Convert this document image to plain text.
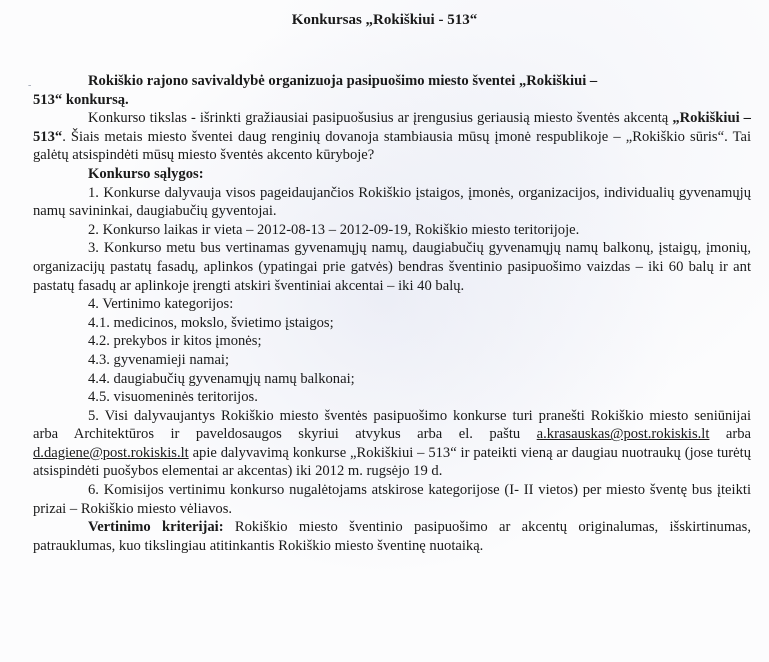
Konkursas „Rokiškiui - 513“
-	Rokiškio rajono savivaldybė organizuoja pasipuošimo miesto šventei „Rokiškiui –
513“ konkursą.

Konkurso tikslas - išrinkti gražiausiai pasipuošusius ar įrengusius geriausią miesto šventės akcentą „Rokiškiui – 513“. Šiais metais miesto šventei daug renginių dovanoja stambiausia mūsų įmonė respublikoje – „Rokiškio sūris“. Tai galėtų atsispindėti mūsų miesto šventės akcento kūryboje?

Konkurso sąlygos:

1. Konkurse dalyvauja visos pageidaujančios Rokiškio įstaigos, įmonės, organizacijos, individualių gyvenamųjų namų savininkai, daugiabučių gyventojai.

2. Konkurso laikas ir vieta – 2012-08-13 – 2012-09-19, Rokiškio miesto teritorijoje.

3. Konkurso metu bus vertinamas gyvenamųjų namų, daugiabučių gyvenamųjų namų balkonų, įstaigų, įmonių, organizacijų pastatų fasadų, aplinkos (ypatingai prie gatvės) bendras šventinio pasipuošimo vaizdas – iki 60 balų ir ant pastatų fasadų ar aplinkoje įrengti atskiri šventiniai akcentai – iki 40 balų.

4. Vertinimo kategorijos:

4.1. medicinos, mokslo, švietimo įstaigos;

4.2. prekybos ir kitos įmonės;

4.3. gyvenamieji namai;

4.4. daugiabučių gyvenamųjų namų balkonai;

4.5. visuomeninės teritorijos.

5. Visi dalyvaujantys Rokiškio miesto šventės pasipuošimo konkurse turi pranešti Rokiškio miesto seniūnijai arba Architektūros ir paveldosaugos skyriui atvykus arba el. paštu a.krasauskas@post.rokiskis.lt arba d.dagiene@post.rokiskis.lt apie dalyvavimą konkurse „Rokiškiui – 513“ ir pateikti vieną ar daugiau nuotraukų (jose turėtų atsispindėti puošybos elementai ar akcentas) iki 2012 m. rugsėjo 19 d.

6. Komisijos vertinimu konkurso nugalėtojams atskirose kategorijose (I- II vietos) per miesto šventę bus įteikti prizai – Rokiškio miesto vėliavos.

Vertinimo kriterijai: Rokiškio miesto šventinio pasipuošimo ar akcentų originalumas, išskirtinumas, patrauklumas, kuo tikslingiau atitinkantis Rokiškio miesto šventinę nuotaiką.
